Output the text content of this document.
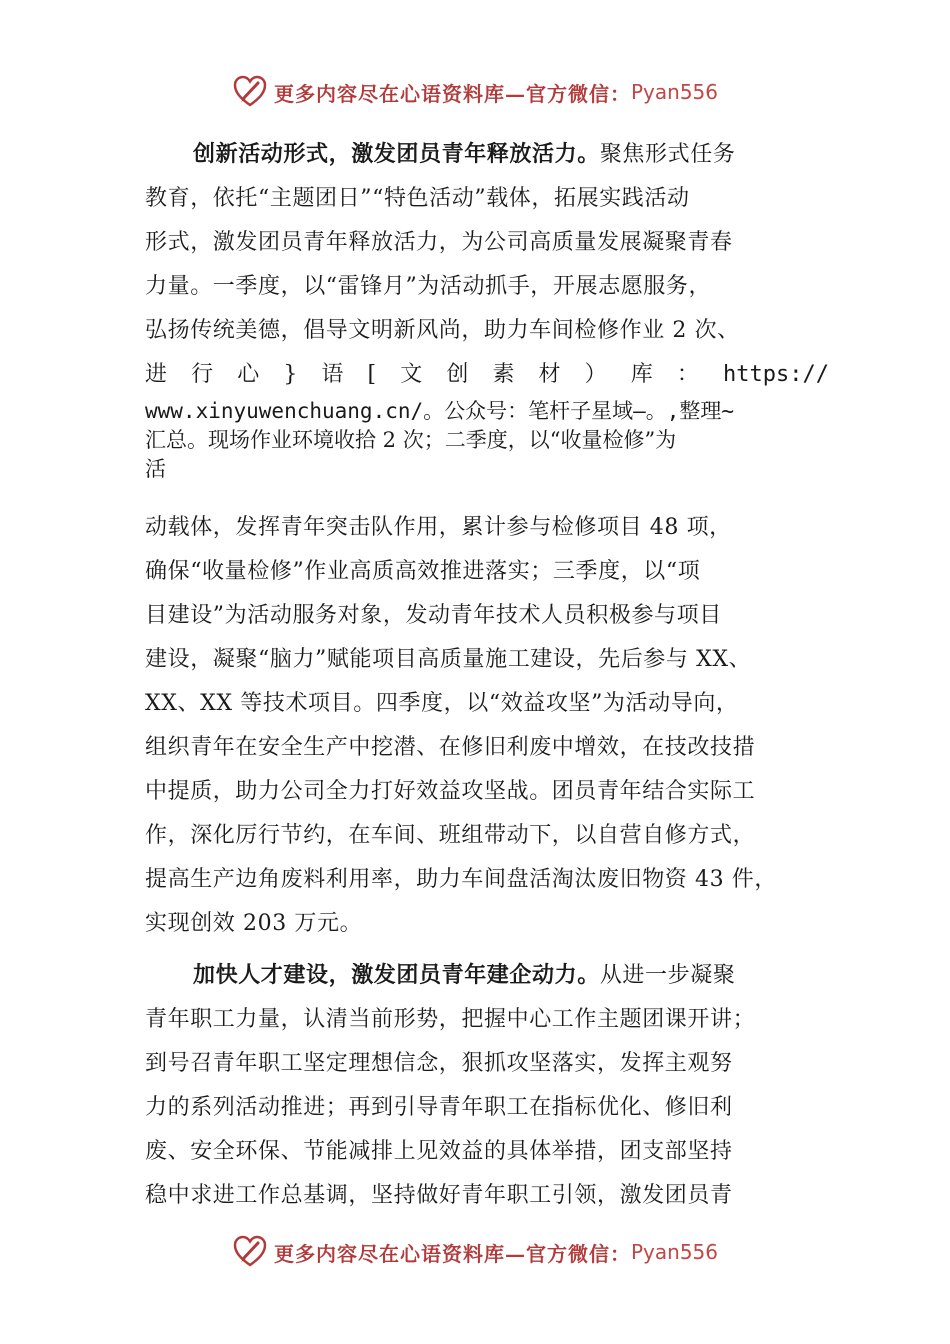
更多内容尽在心语资料库—官方微信： Pyan556
创新活动形式，激发团员青年释放活力。聚焦形式任务
教育，依托“主题团日”“特色活动”载体，拓展实践活动
形式，激发团员青年释放活力，为公司高质量发展凝聚青春
力量。一季度，以“雷锋月”为活动抓手，开展志愿服务，
弘扬传统美德，倡导文明新风尚，助力车间检修作业 2 次、
进 行 心 } 语 [ 文 创 素 材 ） 库 ： https://
www.xinyuwenchuang.cn/。公众号：笔杆子星域—。,整理~
汇总。现场作业环境收拾 2 次；二季度，以“收量检修”为
活
动载体，发挥青年突击队作用，累计参与检修项目 48 项，
确保“收量检修”作业高质高效推进落实；三季度，以“项
目建设”为活动服务对象，发动青年技术人员积极参与项目
建设，凝聚“脑力”赋能项目高质量施工建设，先后参与 XX、
XX、XX 等技术项目。四季度，以“效益攻坚”为活动导向，
组织青年在安全生产中挖潜、在修旧利废中增效，在技改技措
中提质，助力公司全力打好效益攻坚战。团员青年结合实际工
作，深化厉行节约，在车间、班组带动下，以自营自修方式，
提高生产边角废料利用率，助力车间盘活淘汰废旧物资 43 件，
实现创效 203 万元。
加快人才建设，激发团员青年建企动力。从进一步凝聚
青年职工力量，认清当前形势，把握中心工作主题团课开讲；
到号召青年职工坚定理想信念，狠抓攻坚落实，发挥主观努
力的系列活动推进；再到引导青年职工在指标优化、修旧利
废、安全环保、节能减排上见效益的具体举措，团支部坚持
稳中求进工作总基调，坚持做好青年职工引领，激发团员青
更多内容尽在心语资料库—官方微信： Pyan556
